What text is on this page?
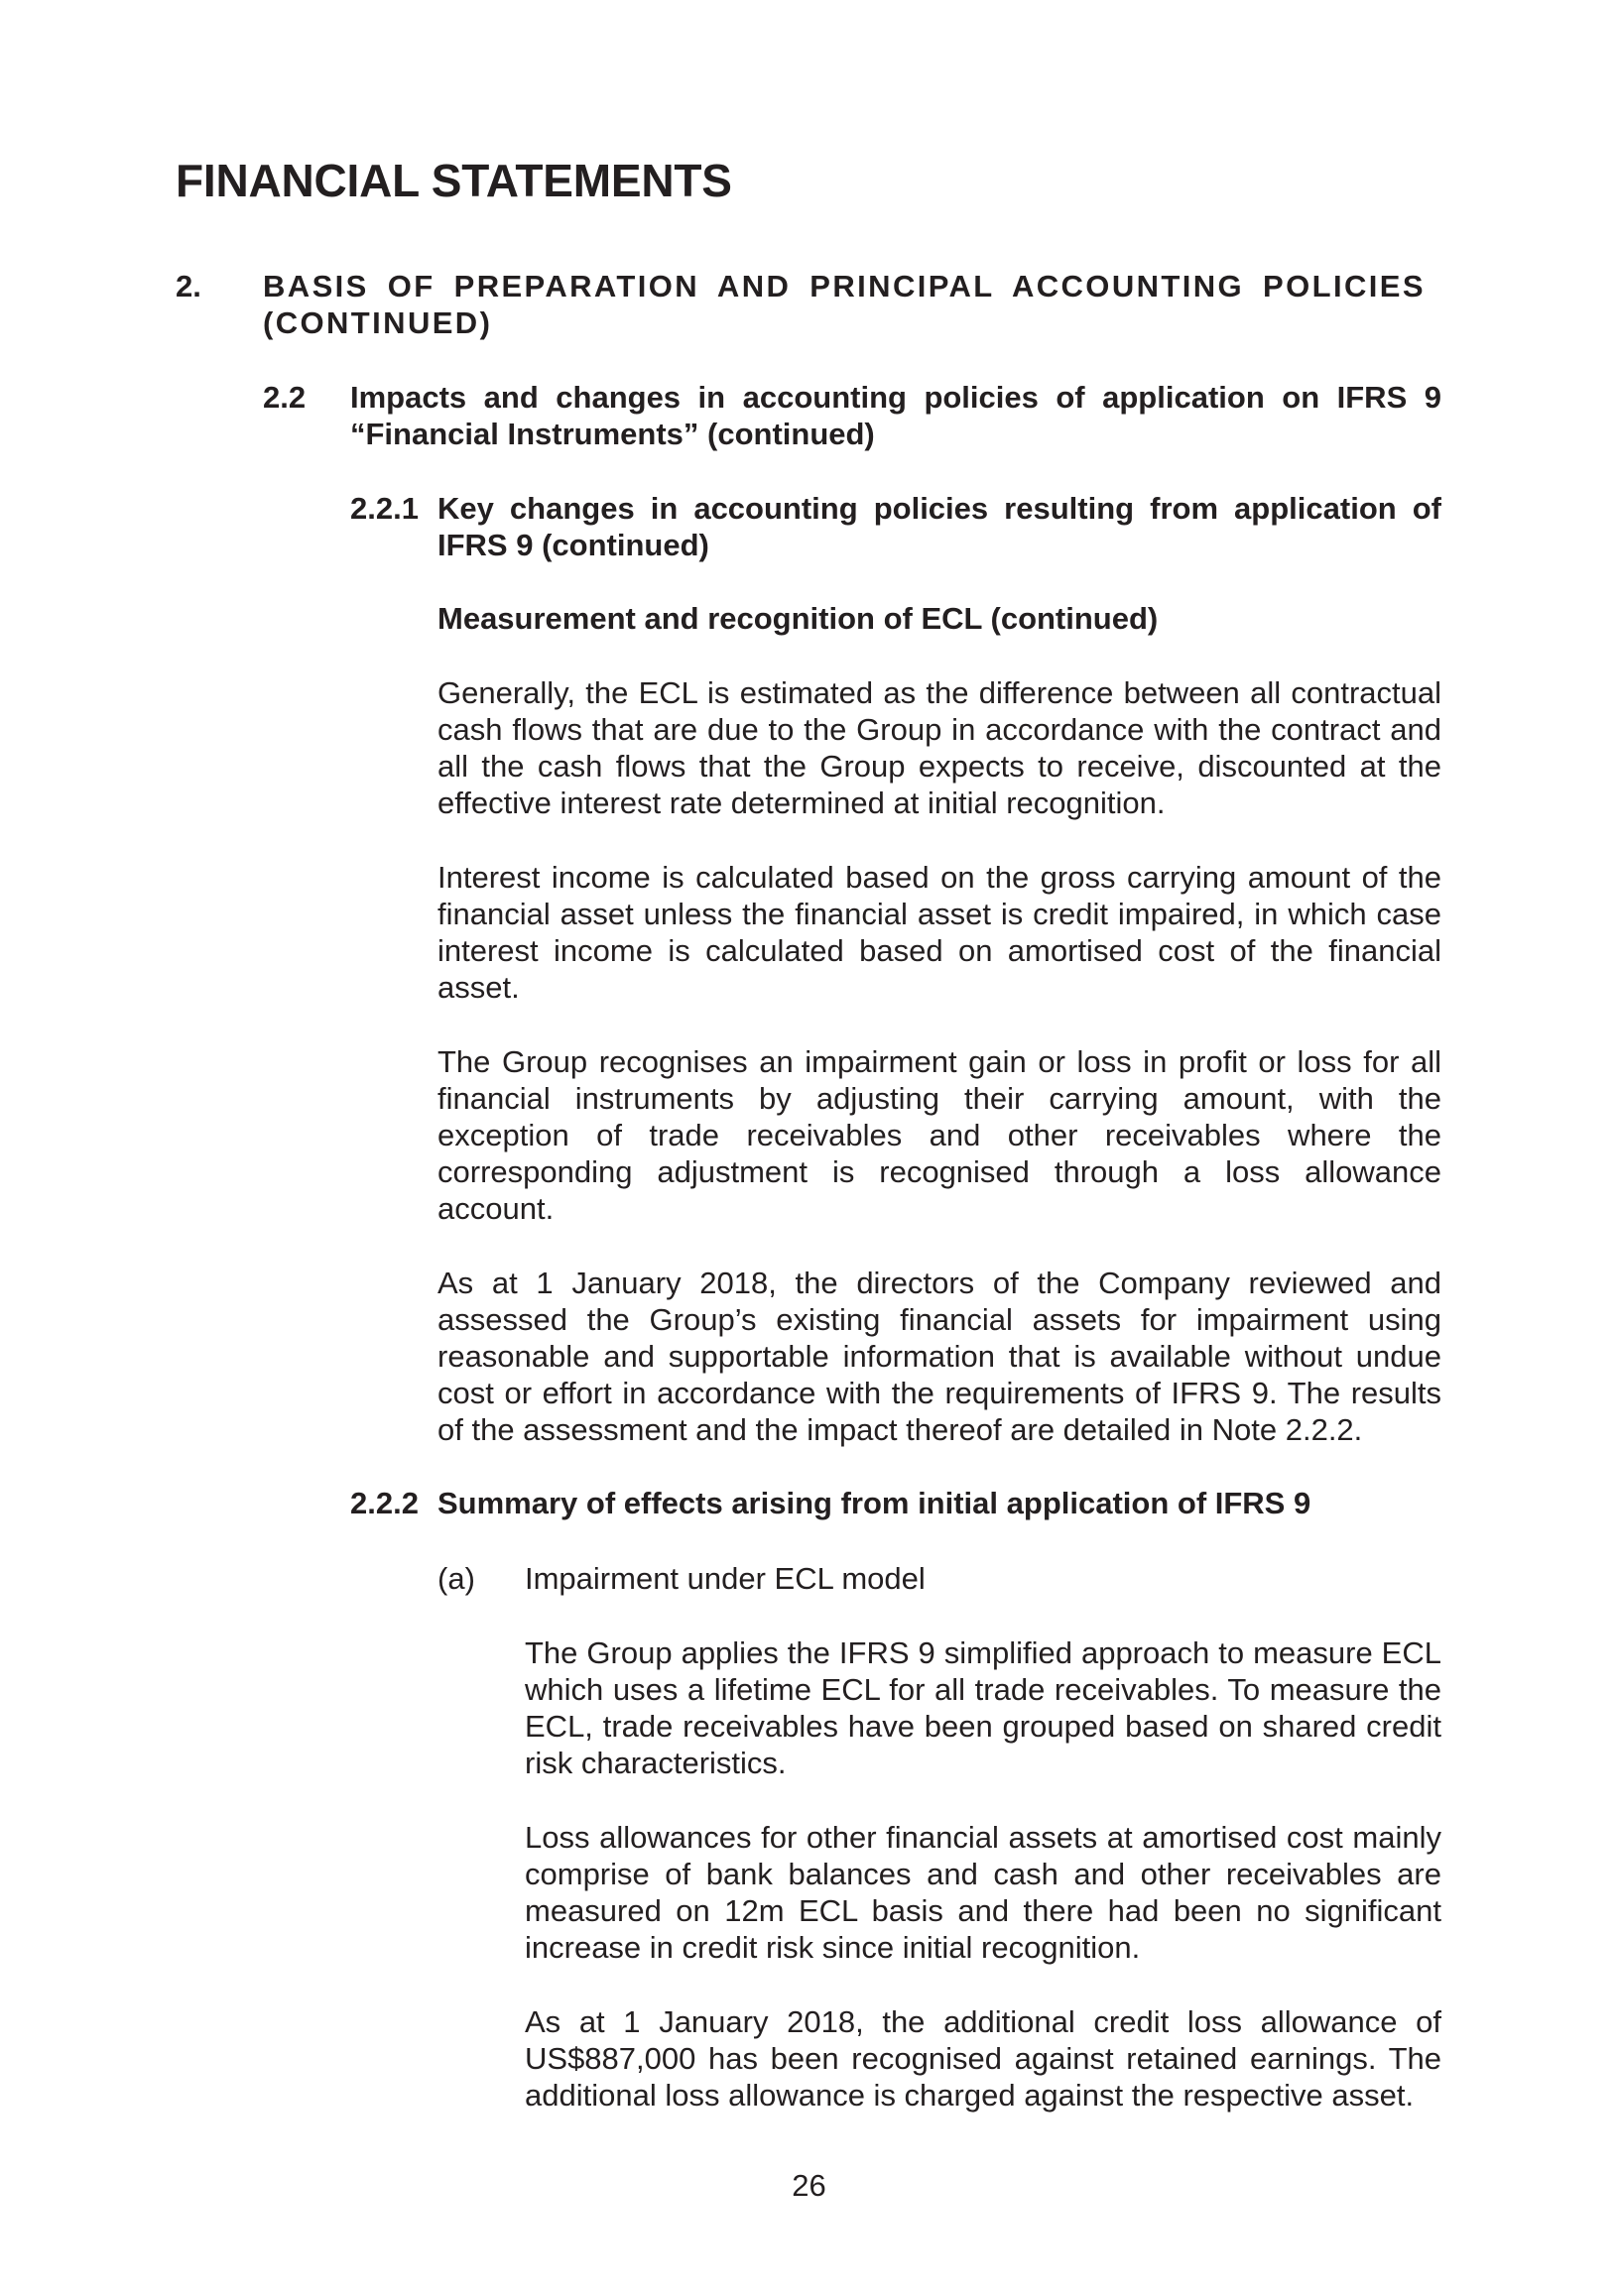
FINANCIAL STATEMENTS
2. BASIS OF PREPARATION AND PRINCIPAL ACCOUNTING POLICIES
(CONTINUED)
2.2 Impacts and changes in accounting policies of application on IFRS 9 “Financial Instruments” (continued)
2.2.1 Key changes in accounting policies resulting from application of IFRS 9 (continued)
Measurement and recognition of ECL (continued)
Generally, the ECL is estimated as the difference between all contractual cash flows that are due to the Group in accordance with the contract and all the cash flows that the Group expects to receive, discounted at the effective interest rate determined at initial recognition.
Interest income is calculated based on the gross carrying amount of the financial asset unless the financial asset is credit impaired, in which case interest income is calculated based on amortised cost of the financial asset.
The Group recognises an impairment gain or loss in profit or loss for all financial instruments by adjusting their carrying amount, with the exception of trade receivables and other receivables where the corresponding adjustment is recognised through a loss allowance account.
As at 1 January 2018, the directors of the Company reviewed and assessed the Group’s existing financial assets for impairment using reasonable and supportable information that is available without undue cost or effort in accordance with the requirements of IFRS 9. The results of the assessment and the impact thereof are detailed in Note 2.2.2.
2.2.2 Summary of effects arising from initial application of IFRS 9
(a) Impairment under ECL model
The Group applies the IFRS 9 simplified approach to measure ECL which uses a lifetime ECL for all trade receivables. To measure the ECL, trade receivables have been grouped based on shared credit risk characteristics.
Loss allowances for other financial assets at amortised cost mainly comprise of bank balances and cash and other receivables are measured on 12m ECL basis and there had been no significant increase in credit risk since initial recognition.
As at 1 January 2018, the additional credit loss allowance of US$887,000 has been recognised against retained earnings. The additional loss allowance is charged against the respective asset.
26
